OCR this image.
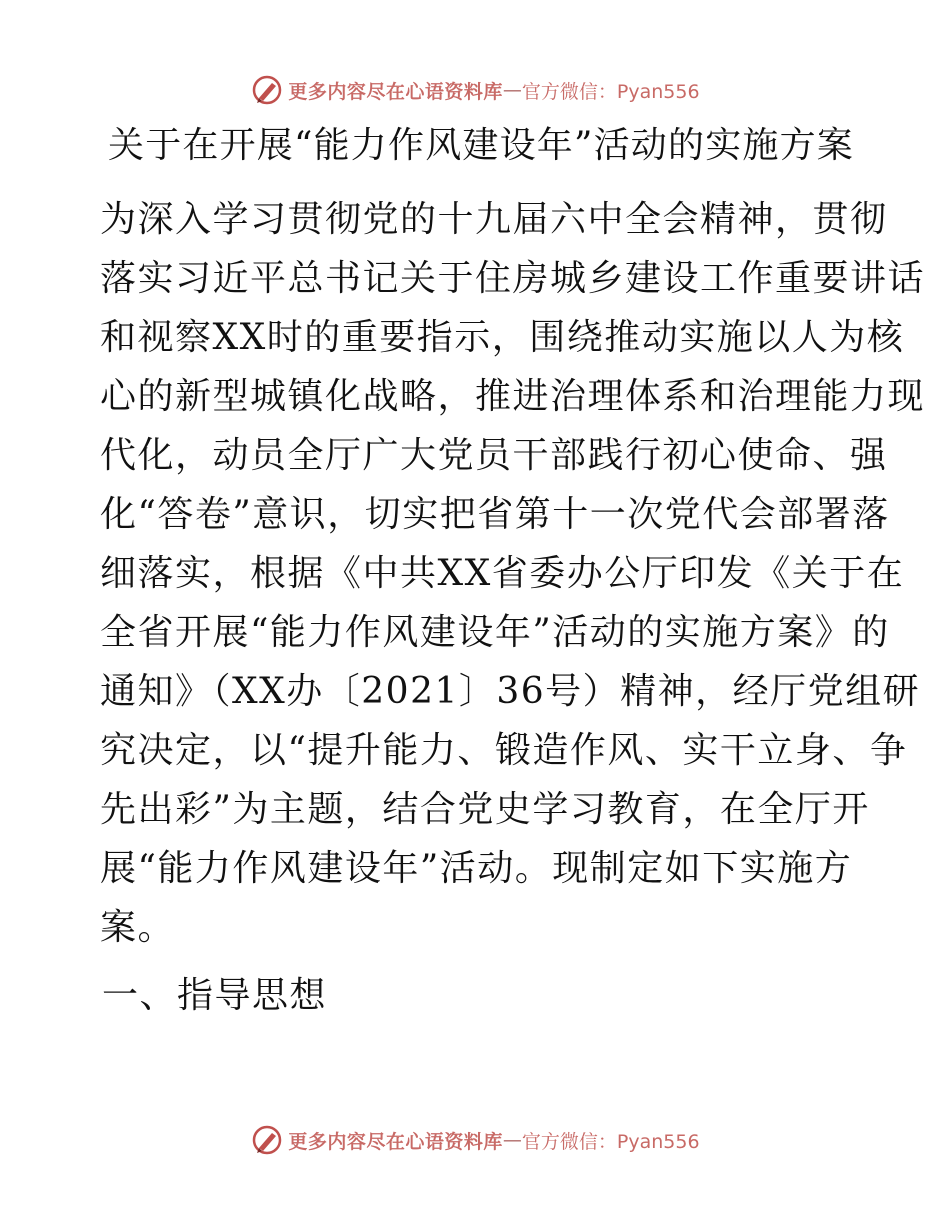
更多内容尽在心语资料库 — 官方微信：Pyan556
关于在开展“能力作风建设年”活动的实施方案
为深入学习贯彻党的十九届六中全会精神，贯彻
落实习近平总书记关于住房城乡建设工作重要讲话
和视察XX时的重要指示，围绕推动实施以人为核
心的新型城镇化战略，推进治理体系和治理能力现
代化，动员全厅广大党员干部践行初心使命、强
化“答卷”意识，切实把省第十一次党代会部署落
细落实，根据《中共XX省委办公厅印发《关于在
全省开展“能力作风建设年”活动的实施方案》的
通知》（XX办〔2021〕36号）精神，经厅党组研
究决定，以“提升能力、锻造作风、实干立身、争
先出彩”为主题，结合党史学习教育，在全厅开
展“能力作风建设年”活动。现制定如下实施方
案。
一、指导思想
更多内容尽在心语资料库 — 官方微信：Pyan556
